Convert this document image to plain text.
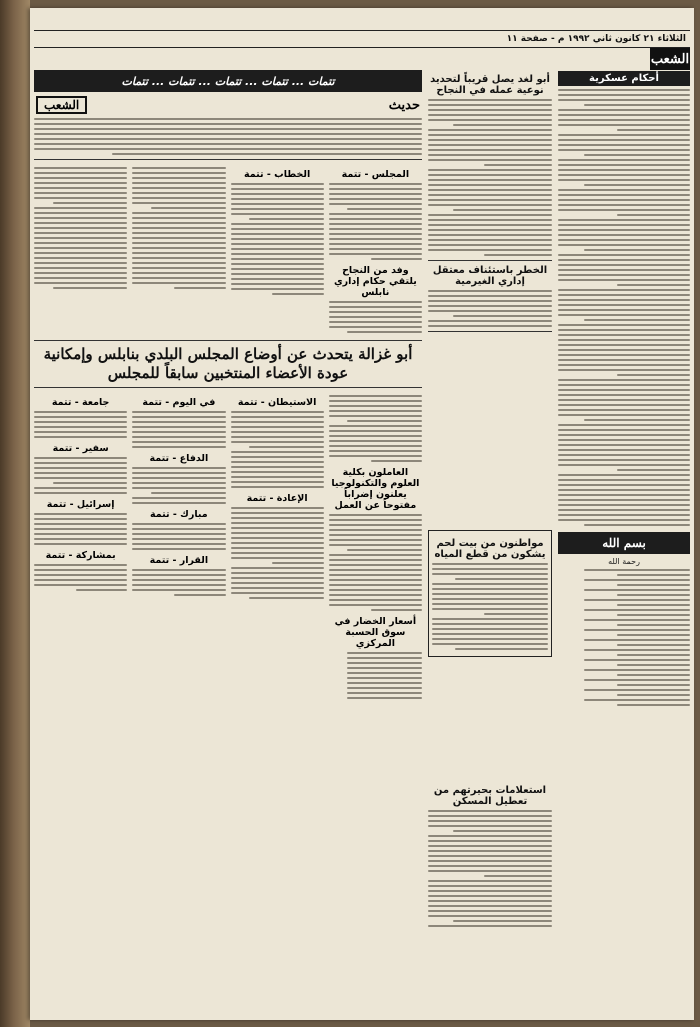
الثلاثاء ٢١ كانون ثاني ١٩٩٢ م - صفحة ١١
الشعب
أحكام عسكرية
بسم الله
رحمة الله
أبو لغد يصل قريباً لتحديد نوعية عمله في النجاح
الخطر باستئناف معتقل إداري الغيرمية
مواطنون من بيت لحم يشكون من قطع المياه
استعلامات بحيرتهم من تعطيل المسكن
تتمات ... تتمات ... تتمات ... تتمات ... تتمات
حديث
الشعب
المجلس - تتمة
وفد من النجاح يلتقي حكام إداري نابلس
الخطاب - تتمة
أبو غزالة يتحدث عن أوضاع المجلس البلدي بنابلس وإمكانية عودة الأعضاء المنتخبين سابقاً للمجلس
العاملون بكلية العلوم والتكنولوجيا يعلنون إضراباً مفتوحاً عن العمل
أسعار الخضار في سوق الحسبة المركزي
الاستيطان - تتمة
الإعادة - تتمة
في اليوم - تتمة
الدفاع - تتمة
مبارك - تتمة
القرار - تتمة
جامعة - تتمة
سفير - تتمة
إسرائيل - تتمة
بمشاركة - تتمة
